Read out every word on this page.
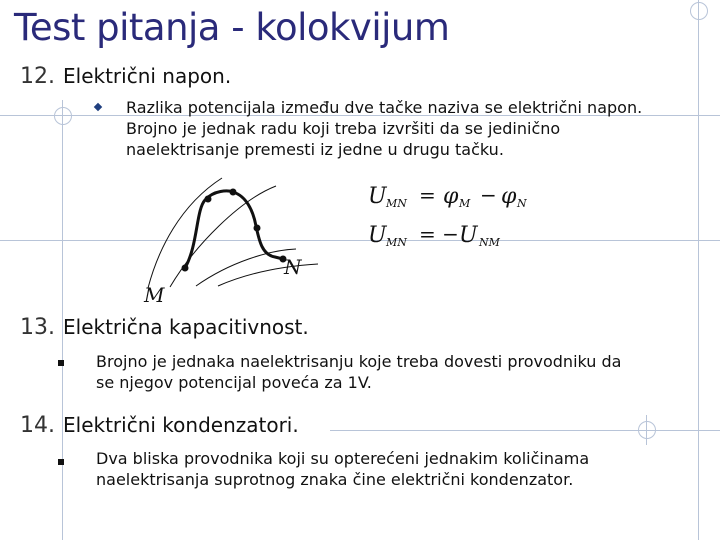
Test pitanja - kolokvijum
12. Električni napon.

Razlika potencijala između dve tačke naziva se električni napon.
Brojno je jednak radu koji treba izvršiti da se jedinično
naelektrisanje premesti iz jedne u drugu tačku.

M
N
U MN = φ M − φ N
U MN = − U NM
13. Električna kapacitivnost.

Brojno je jednaka naelektrisanju koje treba dovesti provodniku da
se njegov potencijal poveća za 1V.

14. Električni kondenzatori.

Dva bliska provodnika koji su opterećeni jednakim količinama
naelektrisanja suprotnog znaka čine električni kondenzator.
